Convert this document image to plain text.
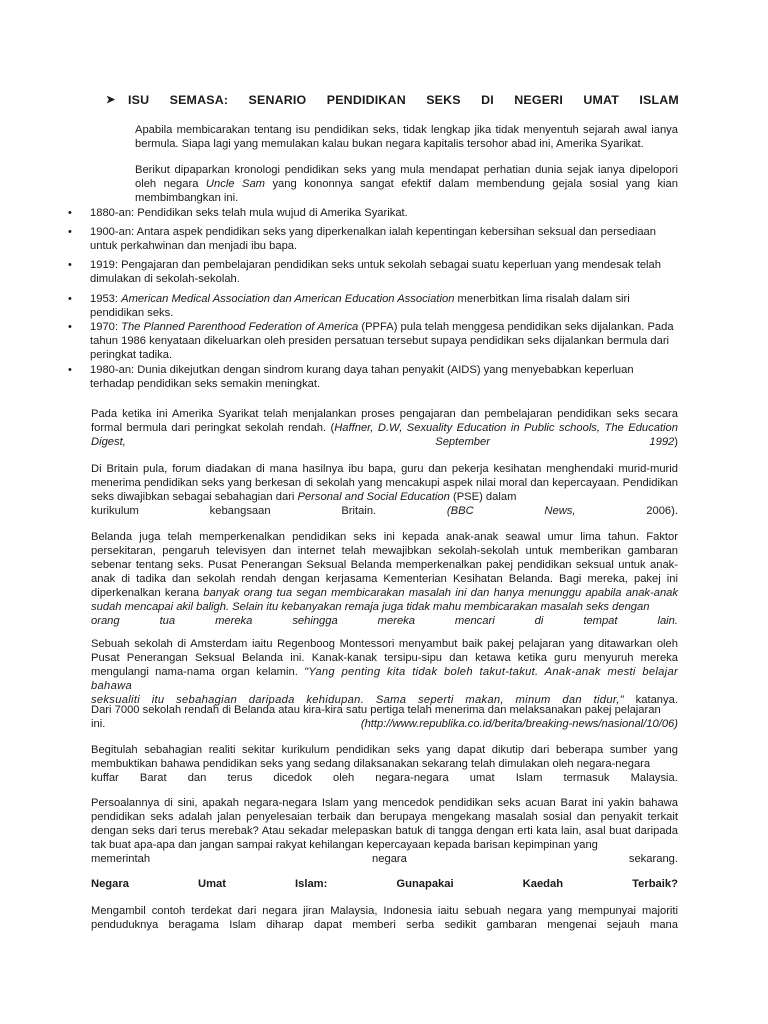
➤ ISU SEMASA: SENARIO PENDIDIKAN SEKS DI NEGERI UMAT ISLAM

Apabila membicarakan tentang isu pendidikan seks, tidak lengkap jika tidak menyentuh sejarah awal ianya bermula. Siapa lagi yang memulakan kalau bukan negara kapitalis tersohor abad ini, Amerika Syarikat.

Berikut dipaparkan kronologi pendidikan seks yang mula mendapat perhatian dunia sejak ianya dipelopori oleh negara Uncle Sam yang kononnya sangat efektif dalam membendung gejala sosial yang kian membimbangkan ini.

• 1880-an: Pendidikan seks telah mula wujud di Amerika Syarikat.
• 1900-an: Antara aspek pendidikan seks yang diperkenalkan ialah kepentingan kebersihan seksual dan persediaan untuk perkahwinan dan menjadi ibu bapa.
• 1919: Pengajaran dan pembelajaran pendidikan seks untuk sekolah sebagai suatu keperluan yang mendesak telah dimulakan di sekolah-sekolah.
• 1953: American Medical Association dan American Education Association menerbitkan lima risalah dalam siri pendidikan seks.
• 1970: The Planned Parenthood Federation of America (PPFA) pula telah menggesa pendidikan seks dijalankan. Pada tahun 1986 kenyataan dikeluarkan oleh presiden persatuan tersebut supaya pendidikan seks dijalankan bermula dari peringkat tadika.
• 1980-an: Dunia dikejutkan dengan sindrom kurang daya tahan penyakit (AIDS) yang menyebabkan keperluan terhadap pendidikan seks semakin meningkat.

Pada ketika ini Amerika Syarikat telah menjalankan proses pengajaran dan pembelajaran pendidikan seks secara formal bermula dari peringkat sekolah rendah. (Haffner, D.W, Sexuality Education in Public schools, The Education Digest,	September	1992)

Di Britain pula, forum diadakan di mana hasilnya ibu bapa, guru dan pekerja kesihatan menghendaki murid-murid menerima pendidikan seks yang berkesan di sekolah yang mencakupi aspek nilai moral dan kepercayaan. Pendidikan seks diwajibkan sebagai sebahagian dari Personal and Social Education (PSE) dalam

kurikulum	kebangsaan	Britain.	(BBC	News,	2006).

Belanda juga telah memperkenalkan pendidikan seks ini kepada anak-anak seawal umur lima tahun. Faktor persekitaran, pengaruh televisyen dan internet telah mewajibkan sekolah-sekolah untuk memberikan gambaran sebenar tentang seks. Pusat Penerangan Seksual Belanda memperkenalkan pakej pendidikan seksual untuk anak-anak di tadika dan sekolah rendah dengan kerjasama Kementerian Kesihatan Belanda. Bagi mereka, pakej ini diperkenalkan kerana banyak orang tua segan membicarakan masalah ini dan hanya menunggu apabila anak-anak sudah mencapai akil baligh. Selain itu kebanyakan remaja juga tidak mahu membicarakan masalah seks dengan

orang	tua	mereka	sehingga	mereka	mencari	di	tempat	lain.

Sebuah sekolah di Amsterdam iaitu Regenboog Montessori menyambut baik pakej pelajaran yang ditawarkan oleh Pusat Penerangan Seksual Belanda ini. Kanak-kanak tersipu-sipu dan ketawa ketika guru menyuruh mereka mengulangi nama-nama organ kelamin. "Yang penting kita tidak boleh takut-takut. Anak-anak mesti belajar bahawa

seksualiti itu sebahagian daripada kehidupan. Sama seperti makan, minum dan tidur," katanya.

Dari 7000 sekolah rendah di Belanda atau kira-kira satu pertiga telah menerima dan melaksanakan pakej pelajaran

ini.	(http://www.republika.co.id/berita/breaking-news/nasional/10/06)

Begitulah sebahagian realiti sekitar kurikulum pendidikan seks yang dapat dikutip dari beberapa sumber yang membuktikan bahawa pendidikan seks yang sedang dilaksanakan sekarang telah dimulakan oleh negara-negara

kuffar Barat dan terus dicedok oleh negara-negara umat Islam termasuk Malaysia.

Persoalannya di sini, apakah negara-negara Islam yang mencedok pendidikan seks acuan Barat ini yakin bahawa pendidikan seks adalah jalan penyelesaian terbaik dan berupaya mengekang masalah sosial dan penyakit terkait dengan seks dari terus merebak? Atau sekadar melepaskan batuk di tangga dengan erti kata lain, asal buat daripada tak buat apa-apa dan jangan sampai rakyat kehilangan kepercayaan kepada barisan kepimpinan yang

memerintah	negara	sekarang.
Negara	Umat	Islam:	Gunapakai	Kaedah	Terbaik?

Mengambil contoh terdekat dari negara jiran Malaysia, Indonesia iaitu sebuah negara yang mempunyai majoriti

penduduknya beragama Islam diharap dapat memberi serba sedikit gambaran mengenai sejauh mana
